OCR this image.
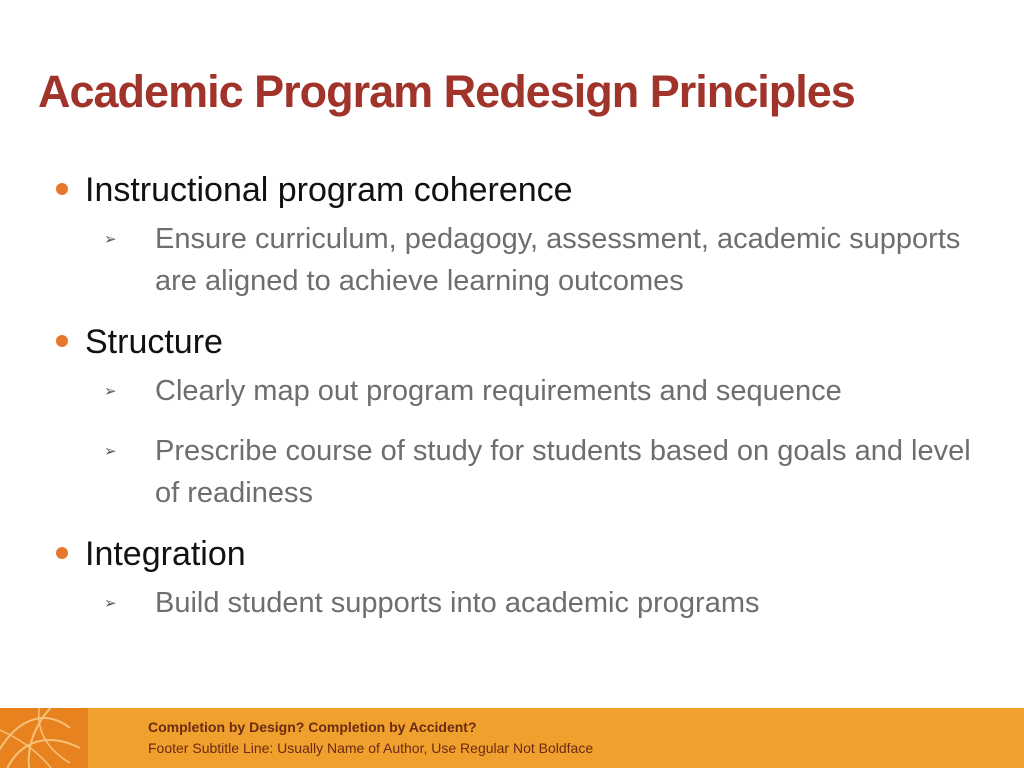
Academic Program Redesign Principles
Instructional program coherence
➢ Ensure curriculum, pedagogy, assessment, academic supports are aligned to achieve learning outcomes
Structure
➢ Clearly map out program requirements and sequence
➢ Prescribe course of study for students based on goals and level of readiness
Integration
➢ Build student supports into academic programs
Completion by Design? Completion by Accident?
Footer Subtitle Line: Usually Name of Author, Use Regular Not Boldface
